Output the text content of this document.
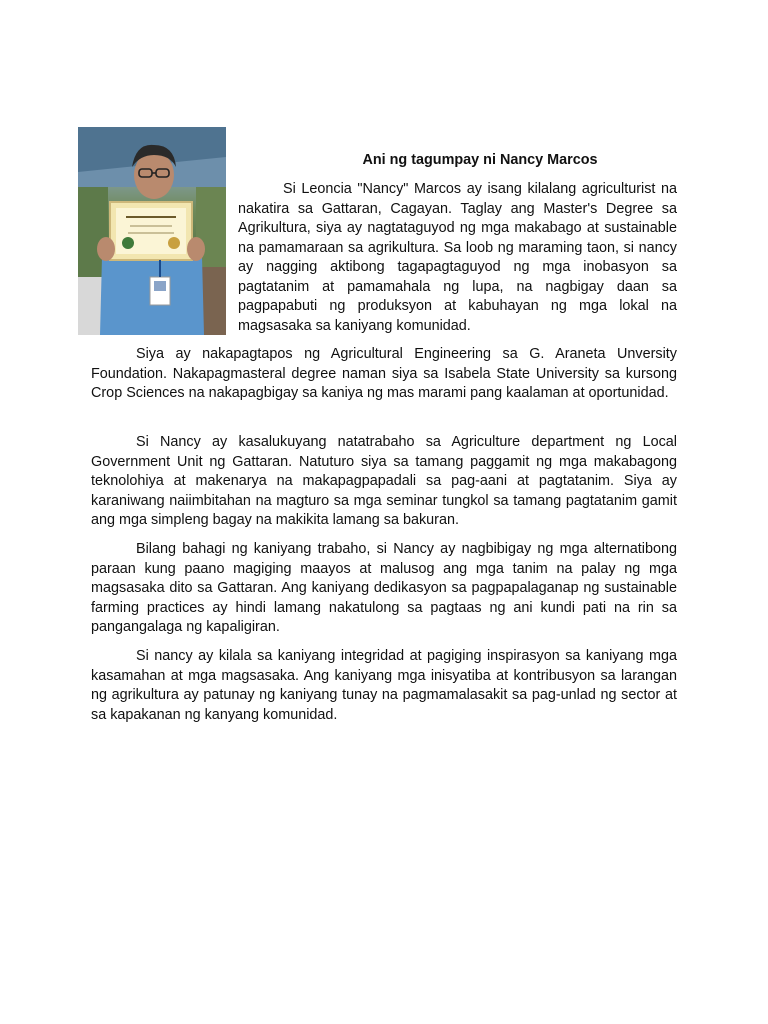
Ani ng tagumpay ni Nancy Marcos

Si Leoncia "Nancy" Marcos ay isang kilalang agriculturist na nakatira sa Gattaran, Cagayan. Taglay ang Master's Degree sa Agrikultura, siya ay nagtataguyod ng mga makabago at sustainable na pamamaraan sa agrikultura. Sa loob ng maraming taon, si nancy ay nagging aktibong tagapagtaguyod ng mga inobasyon sa pagtatanim at pamamahala ng lupa, na nagbigay daan sa pagpapabuti ng produksyon at kabuhayan ng mga lokal na magsasaka sa kaniyang komunidad.

Siya ay nakapagtapos ng Agricultural Engineering sa G. Araneta Unversity Foundation. Nakapagmasteral degree naman siya sa Isabela State University sa kursong Crop Sciences na nakapagbigay sa kaniya ng mas marami pang kaalaman at oportunidad.

Si Nancy ay kasalukuyang natatrabaho sa Agriculture department ng Local Government Unit ng Gattaran. Natuturo siya sa tamang paggamit ng mga makabagong teknolohiya at makenarya na makapagpapadali sa pag-aani at pagtatanim. Siya ay karaniwang naiimbitahan na magturo sa mga seminar tungkol sa tamang pagtatanim gamit ang mga simpleng bagay na makikita lamang sa bakuran.

Bilang bahagi ng kaniyang trabaho, si Nancy ay nagbibigay ng mga alternatibong paraan kung paano magiging maayos at malusog ang mga tanim na palay ng mga magsasaka dito sa Gattaran. Ang kaniyang dedikasyon sa pagpapalaganap ng sustainable farming practices ay hindi lamang nakatulong sa pagtaas ng ani kundi pati na rin sa pangangalaga ng kapaligiran.

Si nancy ay kilala sa kaniyang integridad at pagiging inspirasyon sa kaniyang mga kasamahan at mga magsasaka. Ang kaniyang mga inisyatiba at kontribusyon sa larangan ng agrikultura ay patunay ng kaniyang tunay na pagmamalasakit sa pag-unlad ng sector at sa kapakanan ng kanyang komunidad.
